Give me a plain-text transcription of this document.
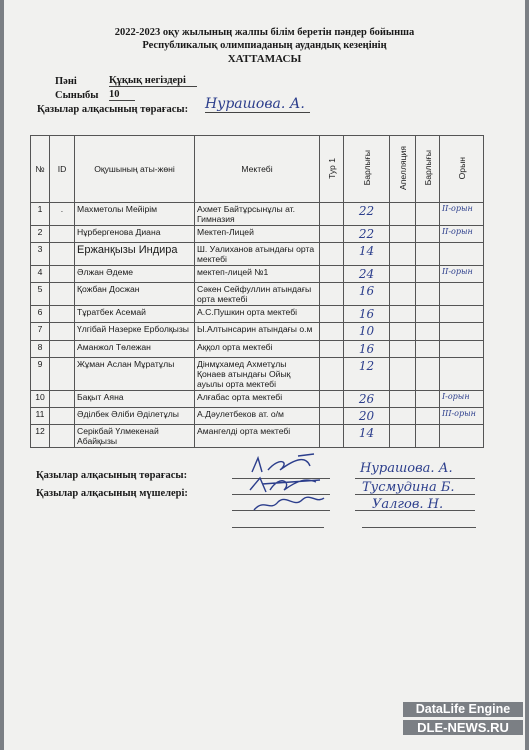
2022-2023 оқу жылының жалпы білім беретін пәндер бойынша
Республикалық олимпиаданың аудандық кезеңінің
ХАТТАМАСЫ
Пәні	Құқық негіздері
Сыныбы 10
Қазылар алқасының төрағасы: Нурашова. А.
№	ID	Оқушының аты-жөні	Мектебі	Тур 1	Барлығы	Апелляция	Барлығы	Орын
1	.	Махметолы Мейірім	Ахмет Байтұрсынұлы ат. Гимназия		22			II-орын
2		Нұрбергенова Диана	Мектеп-Лицей		22			II-орын
3		Ержанқызы Индира	Ш. Уалиханов атындағы орта мектебі		14			
4		Әлжан Әдеме	мектеп-лицей №1		24			II-орын
5		Қожбан Досжан	Сәкен Сейфуллин атындағы орта мектебі		16			
6		Тұратбек Асемай	А.С.Пушкин орта мектебі		16			
7		Үлгібай Назерке Ерболқызы	Ы.Алтынсарин атындағы о.м		10			
8		Аманжол Төлежан	Аққол орта мектебі		16			
9		Жұман Аслан Мұратұлы	Дінмұхамед Ахметұлы Қонаев атындағы Ойық ауылы орта мектебі		12			
10		Бақыт Аяна	Алғабас орта мектебі		26			I-орын
11		Әділбек Әліби Әділетұлы	А.Дәулетбеков ат. о/м		20			III-орын
12		Серікбай Үлмекенай Абайқызы	Амангелді орта мектебі		14			
Қазылар алқасының төрағасы:
Қазылар алқасының мүшелері:
Нурашова. А.
Тусмудина Б.
Уалгов. Н.
DataLife Engine
DLE-NEWS.RU
